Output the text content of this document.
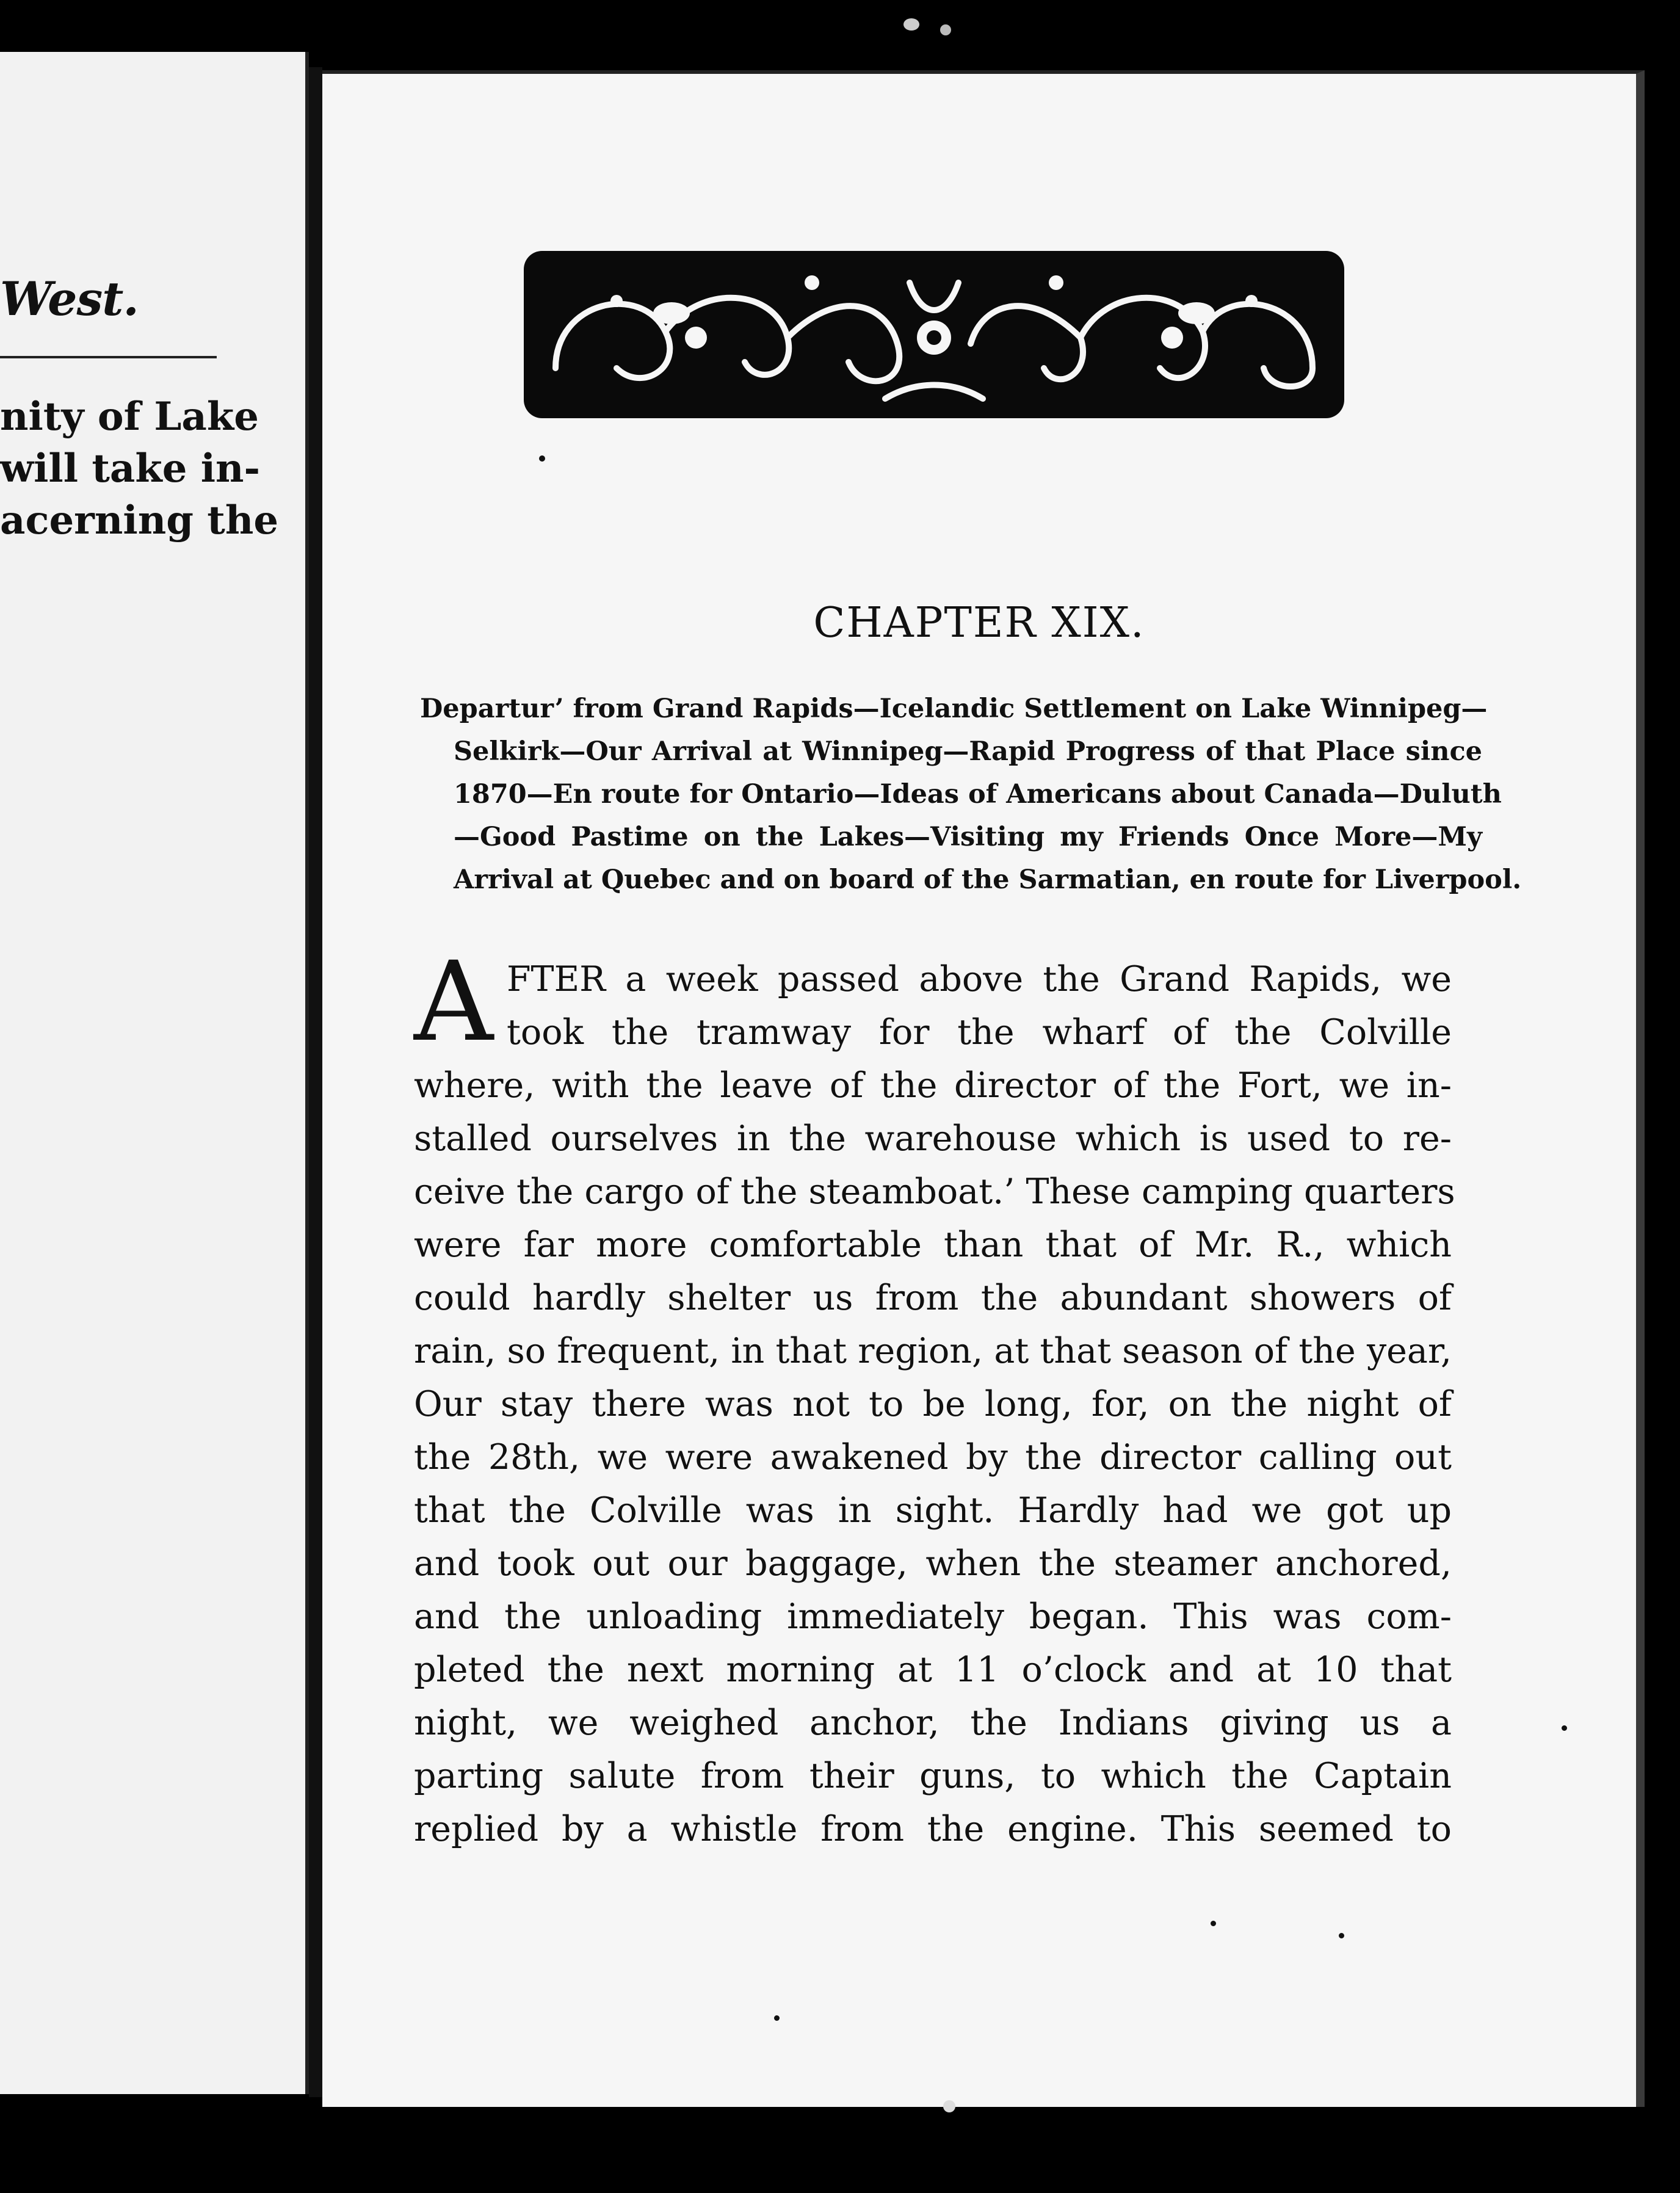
West.
nity of Lake
will take in-
acerning the
CHAPTER XIX.
Departur’ from Grand Rapids—Icelandic Settlement on Lake Winnipeg—
Selkirk—Our Arrival at Winnipeg—Rapid Progress of that Place since
1870—En route for Ontario—Ideas of Americans about Canada—Duluth
—Good Pastime on the Lakes—Visiting my Friends Once More—My
Arrival at Quebec and on board of the Sarmatian, en route for Liverpool.
A FTER a week passed above the Grand Rapids, we
took the tramway for the wharf of the Colville
where, with the leave of the director of the Fort, we in-
stalled ourselves in the warehouse which is used to re-
ceive the cargo of the steamboat.’ These camping quarters
were far more comfortable than that of Mr. R., which
could hardly shelter us from the abundant showers of
rain, so frequent, in that region, at that season of the year,
Our stay there was not to be long, for, on the night of
the 28th, we were awakened by the director calling out
that the Colville was in sight. Hardly had we got up
and took out our baggage, when the steamer anchored,
and the unloading immediately began. This was com-
pleted the next morning at 11 o’clock and at 10 that
night, we weighed anchor, the Indians giving us a
parting salute from their guns, to which the Captain
replied by a whistle from the engine. This seemed to
